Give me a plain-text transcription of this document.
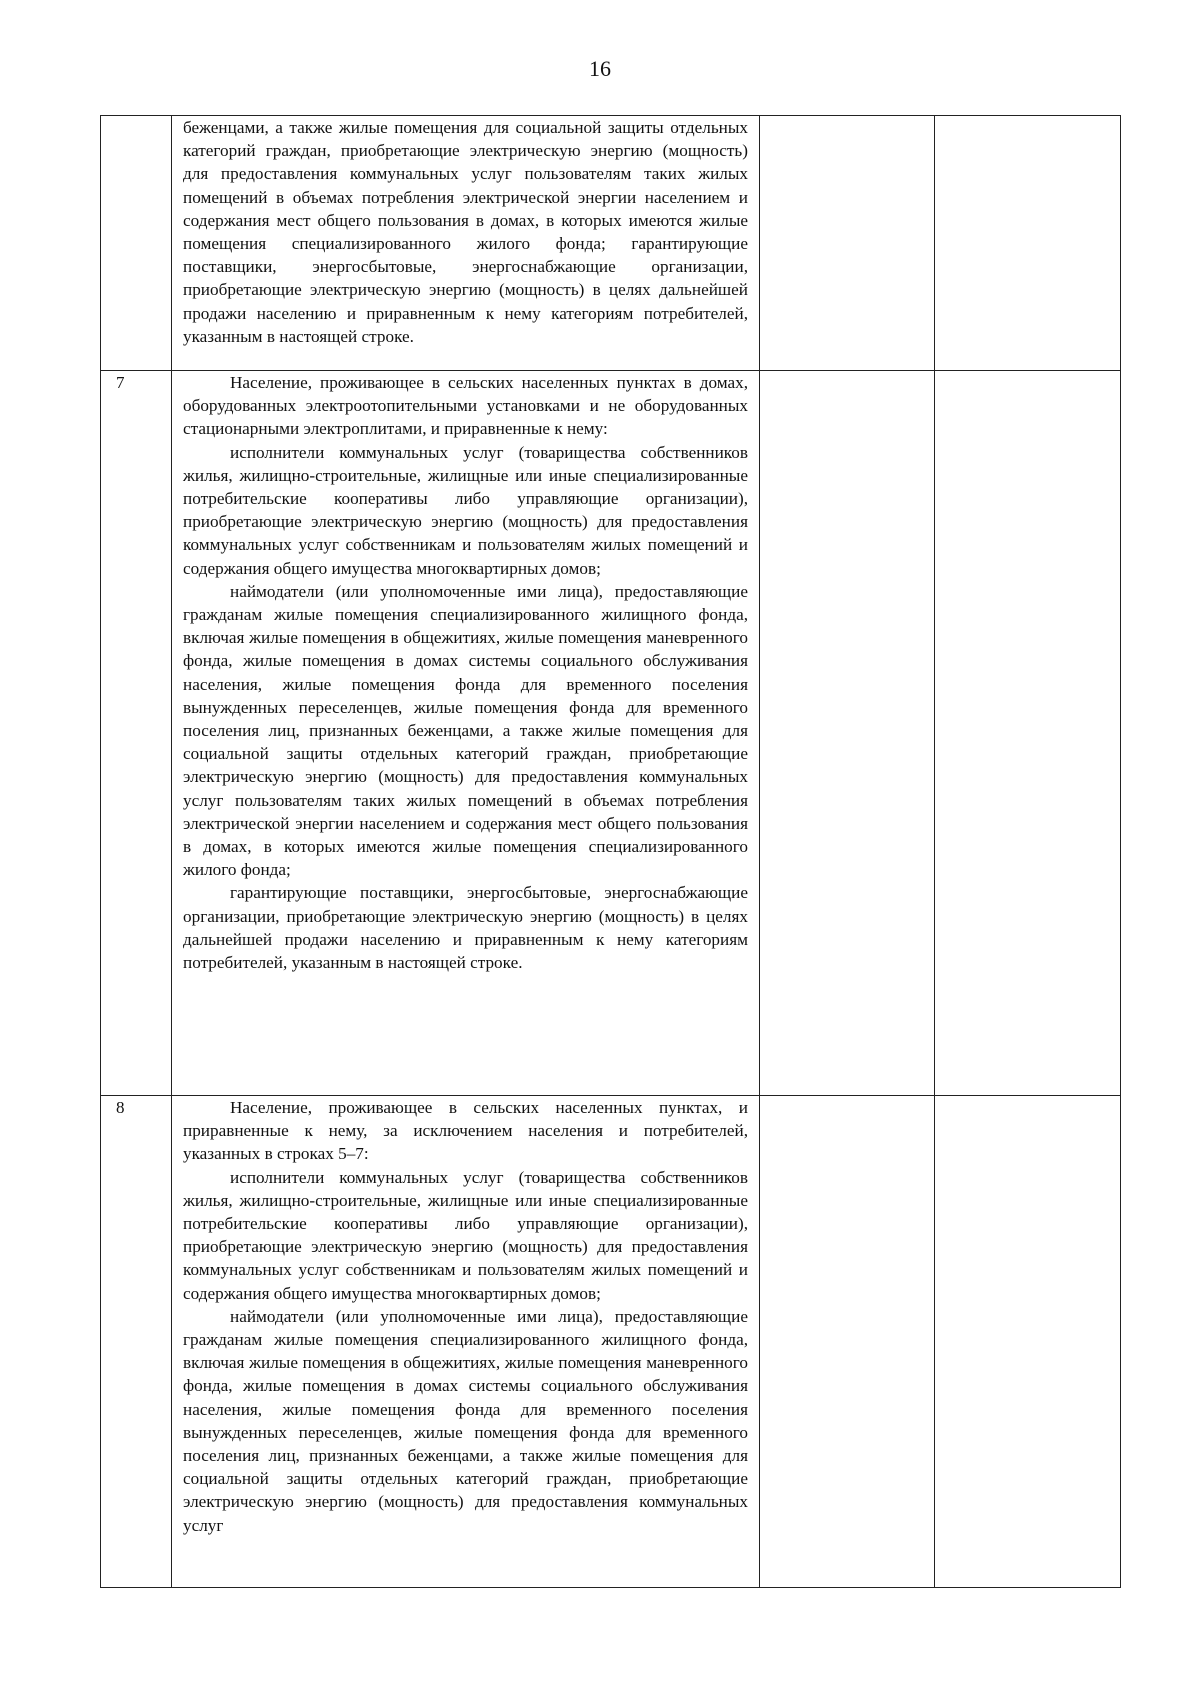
16

	беженцами, а также жилые помещения для социальной защиты отдельных категорий граждан, приобретающие электрическую энергию (мощность) для предоставления коммунальных услуг пользователям таких жилых помещений в объемах потребления электрической энергии населением и содержания мест общего пользования в домах, в которых имеются жилые помещения специализированного жилого фонда; гарантирующие поставщики, энергосбытовые, энергоснабжающие организации, приобретающие электрическую энергию (мощность) в целях дальнейшей продажи населению и приравненным к нему категориям потребителей, указанным в настоящей строке.		

7	Население, проживающее в сельских населенных пунктах в домах, оборудованных электроотопительными установками и не оборудованных стационарными электроплитами, и приравненные к нему:

исполнители коммунальных услуг (товарищества собственников жилья, жилищно-строительные, жилищные или иные специализированные потребительские кооперативы либо управляющие организации), приобретающие электрическую энергию (мощность) для предоставления коммунальных услуг собственникам и пользователям жилых помещений и содержания общего имущества многоквартирных домов;

наймодатели (или уполномоченные ими лица), предоставляющие гражданам жилые помещения специализированного жилищного фонда, включая жилые помещения в общежитиях, жилые помещения маневренного фонда, жилые помещения в домах системы социального обслуживания населения, жилые помещения фонда для временного поселения вынужденных переселенцев, жилые помещения фонда для временного поселения лиц, признанных беженцами, а также жилые помещения для социальной защиты отдельных категорий граждан, приобретающие электрическую энергию (мощность) для предоставления коммунальных услуг пользователям таких жилых помещений в объемах потребления электрической энергии населением и содержания мест общего пользования в домах, в которых имеются жилые помещения специализированного жилого фонда;

гарантирующие поставщики, энергосбытовые, энергоснабжающие организации, приобретающие электрическую энергию (мощность) в целях дальнейшей продажи населению и приравненным к нему категориям потребителей, указанным в настоящей строке.		

8	Население, проживающее в сельских населенных пунктах, и приравненные к нему, за исключением населения и потребителей, указанных в строках 5–7:

исполнители коммунальных услуг (товарищества собственников жилья, жилищно-строительные, жилищные или иные специализированные потребительские кооперативы либо управляющие организации), приобретающие электрическую энергию (мощность) для предоставления коммунальных услуг собственникам и пользователям жилых помещений и содержания общего имущества многоквартирных домов;

наймодатели (или уполномоченные ими лица), предоставляющие гражданам жилые помещения специализированного жилищного фонда, включая жилые помещения в общежитиях, жилые помещения маневренного фонда, жилые помещения в домах системы социального обслуживания населения, жилые помещения фонда для временного поселения вынужденных переселенцев, жилые помещения фонда для временного поселения лиц, признанных беженцами, а также жилые помещения для социальной защиты отдельных категорий граждан, приобретающие электрическую энергию (мощность) для предоставления коммунальных услуг		
